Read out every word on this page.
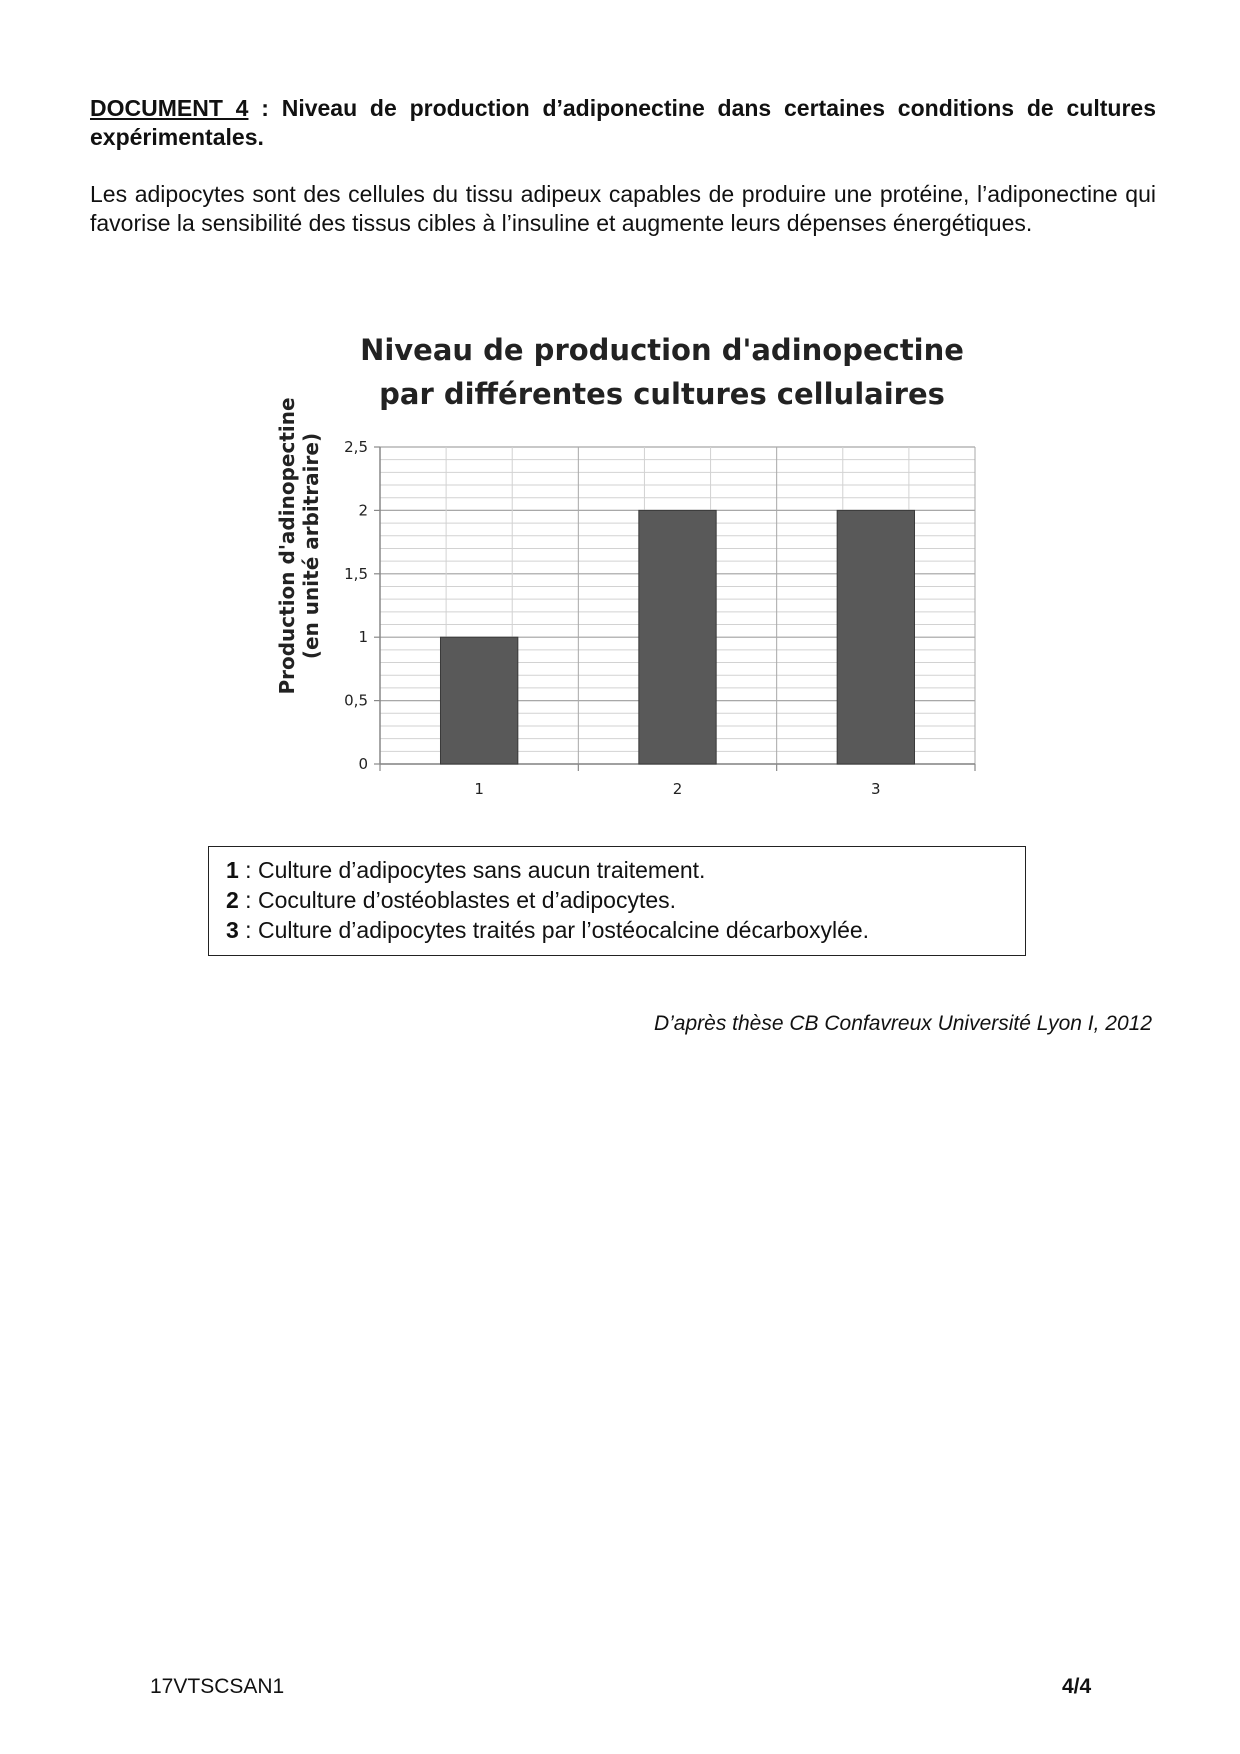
DOCUMENT 4 : Niveau de production d’adiponectine dans certaines conditions de cultures expérimentales.
Les adipocytes sont des cellules du tissu adipeux capables de produire une protéine, l’adiponectine qui favorise la sensibilité des tissus cibles à l’insuline et augmente leurs dépenses énergétiques.
Niveau de production d'adinopectine
par différentes cultures cellulaires
Production d'adinopectine (en unité arbitraire)
0
0,5
1
1,5
2
2,5
1	2	3
1 : Culture d’adipocytes sans aucun traitement.
2 : Coculture d’ostéoblastes et d’adipocytes.
3 : Culture d’adipocytes traités par l’ostéocalcine décarboxylée.
D’après thèse CB Confavreux Université Lyon I, 2012
17VTSCSAN1	4/4
